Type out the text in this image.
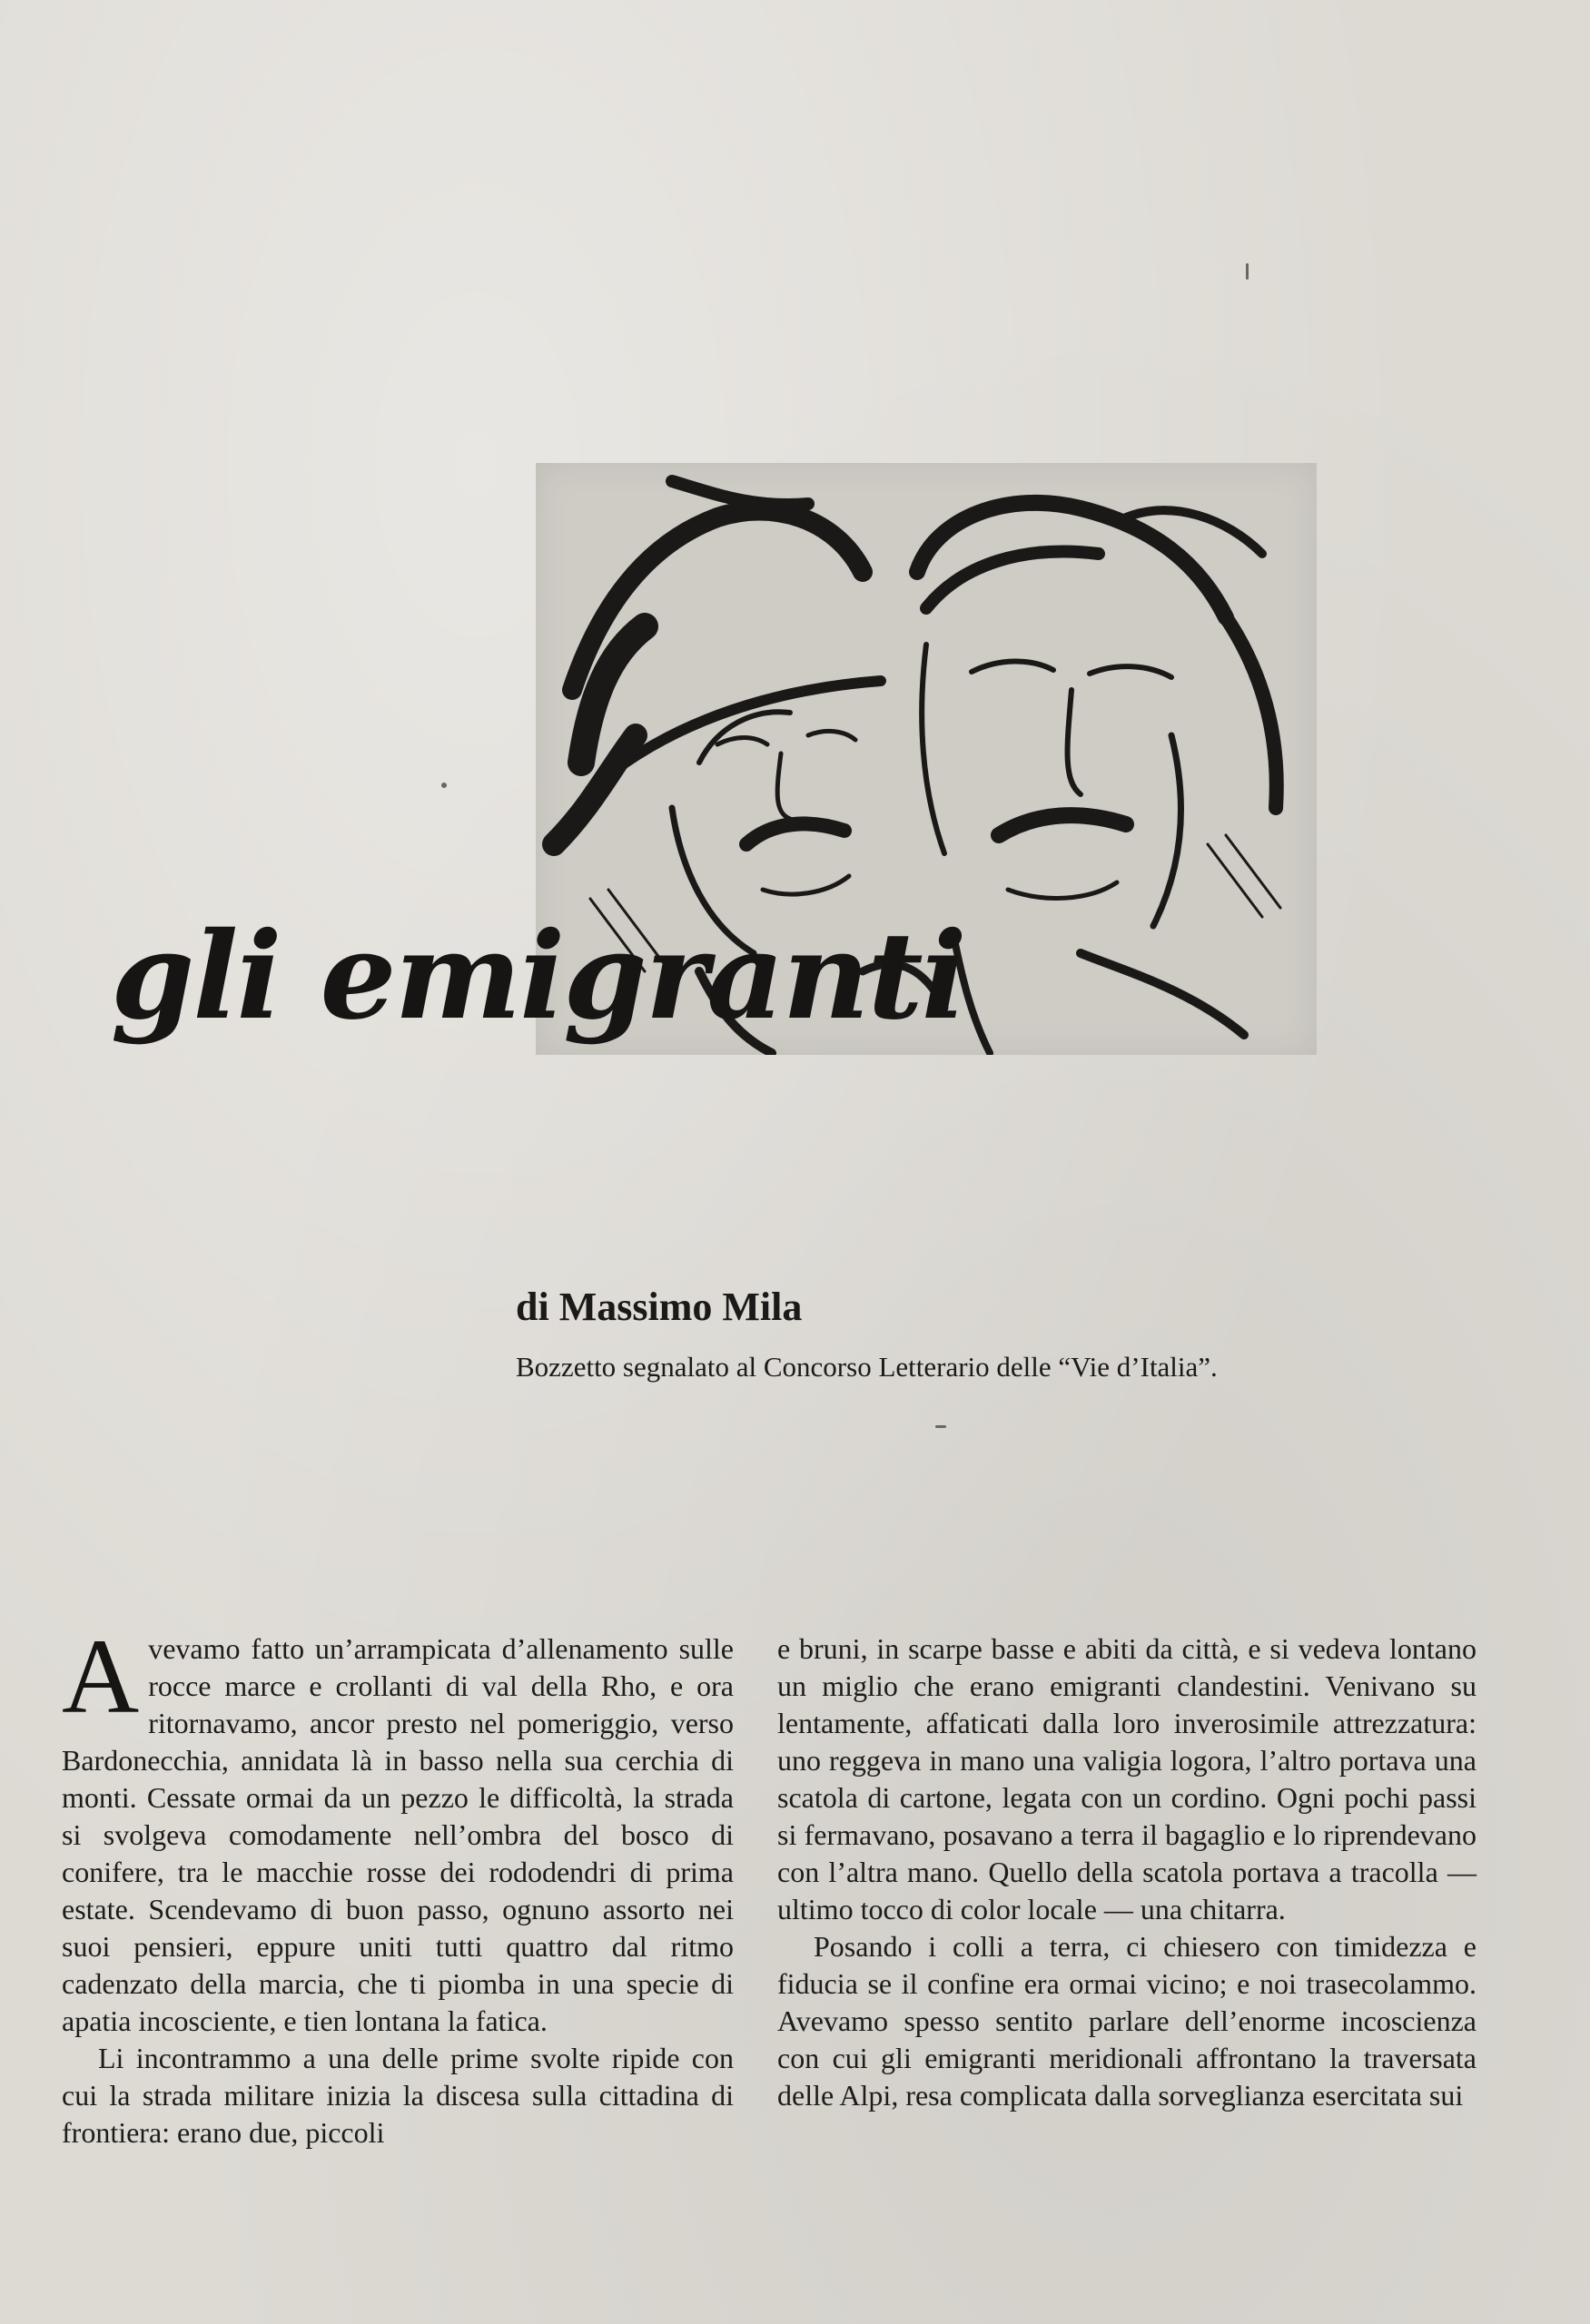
gli emigranti
di Massimo Mila

Bozzetto segnalato al Concorso Letterario delle “Vie d’Italia”.

Avevamo fatto un’arrampicata d’allenamento sulle rocce marce e crollanti di val della Rho, e ora ritornavamo, ancor presto nel pomeriggio, verso Bardonecchia, annidata là in basso nella sua cerchia di monti. Cessate ormai da un pezzo le difficoltà, la strada si svolgeva comodamente nell’ombra del bosco di conifere, tra le macchie rosse dei rododendri di prima estate. Scendevamo di buon passo, ognuno assorto nei suoi pensieri, eppure uniti tutti quattro dal ritmo cadenzato della marcia, che ti piomba in una specie di apatia incosciente, e tien lontana la fatica.

Li incontrammo a una delle prime svolte ripide con cui la strada militare inizia la discesa sulla cittadina di frontiera: erano due, piccoli

e bruni, in scarpe basse e abiti da città, e si vedeva lontano un miglio che erano emigranti clandestini. Venivano su lentamente, affaticati dalla loro inverosimile attrezzatura: uno reggeva in mano una valigia logora, l’altro portava una scatola di cartone, legata con un cordino. Ogni pochi passi si fermavano, posavano a terra il bagaglio e lo riprendevano con l’altra mano. Quello della scatola portava a tracolla — ultimo tocco di color locale — una chitarra.

Posando i colli a terra, ci chiesero con timidezza e fiducia se il confine era ormai vicino; e noi trasecolammo. Avevamo spesso sentito parlare dell’enorme incoscienza con cui gli emigranti meridionali affrontano la traversata delle Alpi, resa complicata dalla sorveglianza esercitata sui
